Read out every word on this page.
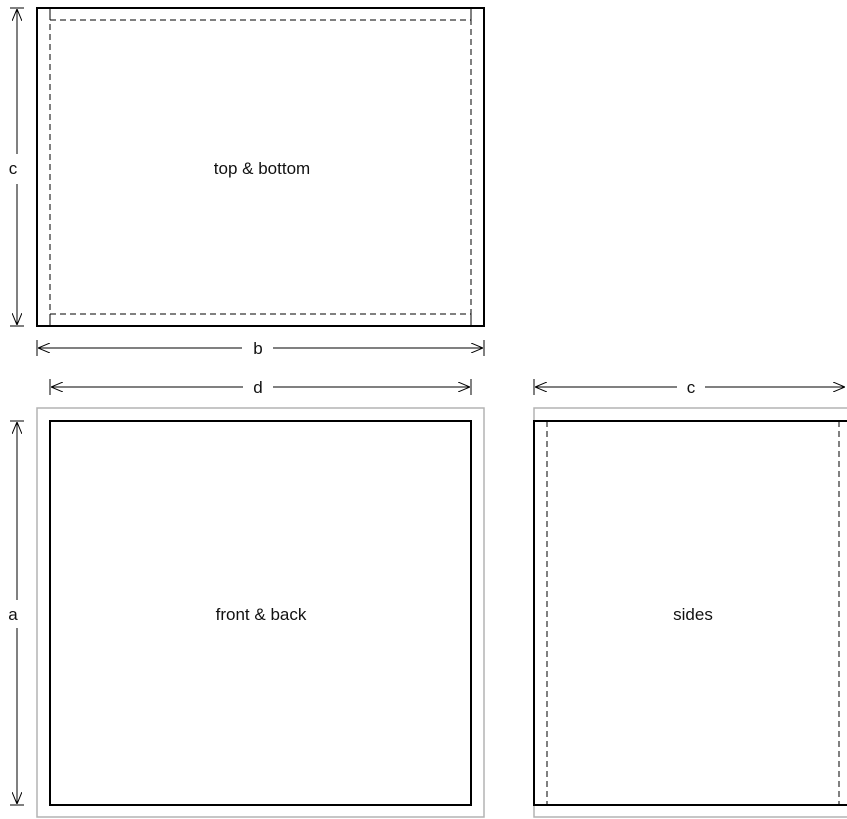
top & bottom
c
b
front & back
d
a	sides
c
